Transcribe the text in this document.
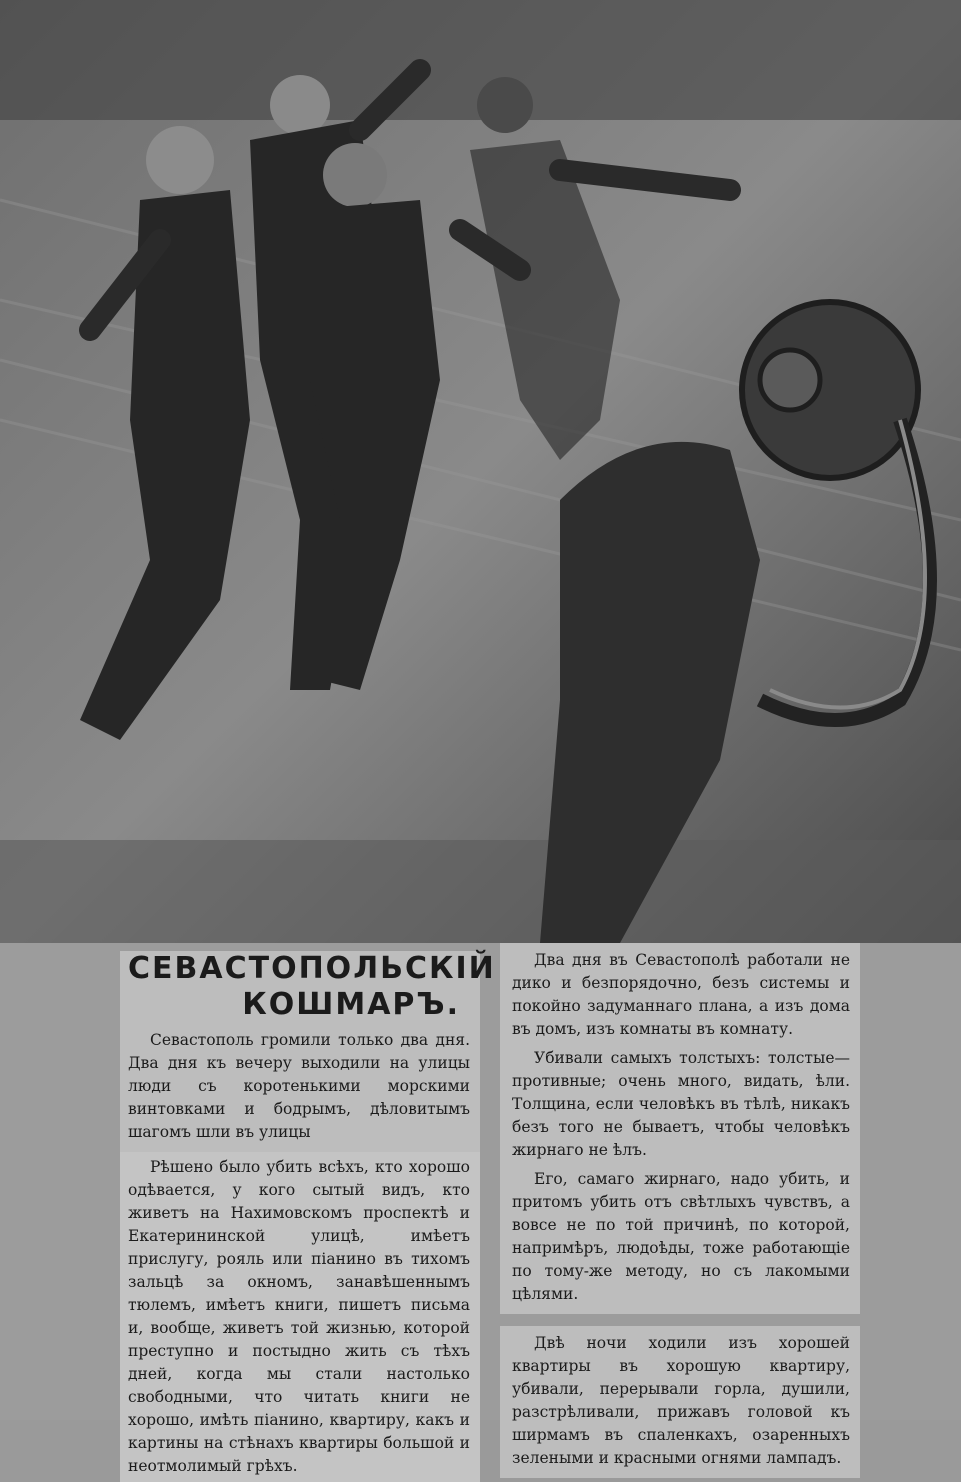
СЕВАСТОПОЛЬСКІЙ
КОШМАРЪ.

Севастополь громили только два дня. Два дня къ вечеру выходили на улицы люди съ коротенькими морскими винтовками и бодрымъ, дѣловитымъ шагомъ шли въ улицы

Рѣшено было убить всѣхъ, кто хорошо одѣвается, у кого сытый видъ, кто живетъ на Нахимовскомъ проспектѣ и Екатерининской улицѣ, имѣетъ прислугу, рояль или піанино въ тихомъ зальцѣ за окномъ, занавѣшеннымъ тюлемъ, имѣетъ книги, пишетъ письма и, вообще, живетъ той жизнью, которой преступно и постыдно жить съ тѣхъ дней, когда мы стали настолько свободными, что читать книги не хорошо, имѣть піанино, квартиру, какъ и картины на стѣнахъ квартиры большой и неотмолимый грѣхъ.

Два дня въ Севастополѣ работали не дико и безпорядочно, безъ системы и покойно задуманнаго плана, а изъ дома въ домъ, изъ комнаты въ комнату.

Убивали самыхъ толстыхъ: толстые—противные; очень много, видать, ѣли. Толщина, если человѣкъ въ тѣлѣ, никакъ безъ того не бываетъ, чтобы человѣкъ жирнаго не ѣлъ.

Его, самаго жирнаго, надо убить, и притомъ убить отъ свѣтлыхъ чувствъ, а вовсе не по той причинѣ, по которой, напримѣръ, людоѣды, тоже работающіе по тому-же методу, но съ лакомыми цѣлями.

Двѣ ночи ходили изъ хорошей квартиры въ хорошую квартиру, убивали, перерывали горла, душили, разстрѣливали, прижавъ головой къ ширмамъ въ спаленкахъ, озаренныхъ зелеными и красными огнями лампадъ.
